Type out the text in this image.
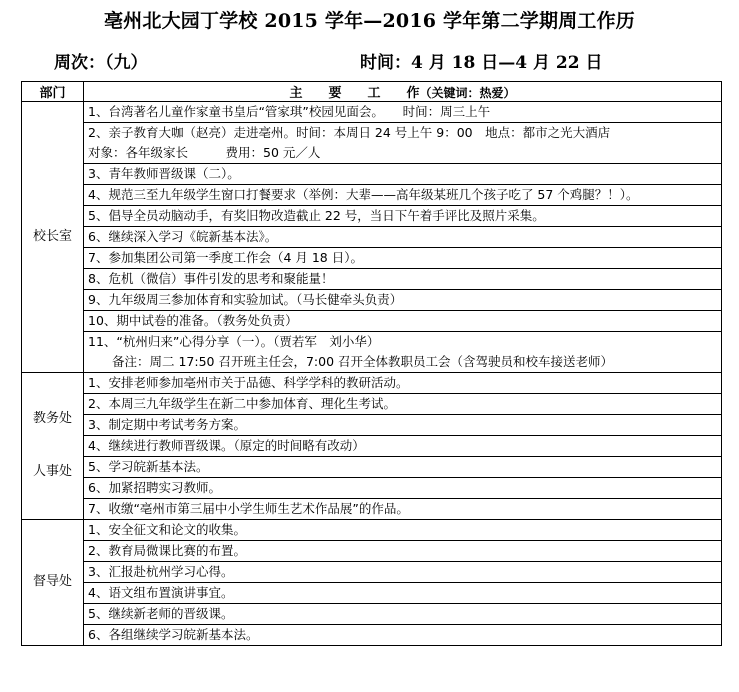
亳州北大园丁学校 2015 学年—2016 学年第二学期周工作历
周次：（九）	时间：4 月 18 日—4 月 22 日
部门	主　　要　　工　　作（关键词：热爱）

校长室	1、台湾著名儿童作家童书皇后“管家琪”校园见面会。　　时间：周三上午

	2、亲子教育大咖（赵亮）走进亳州。时间：本周日 24 号上午 9：00　地点：都市之光大酒店
对象：各年级家长　　　费用：50 元／人

	3、青年教师晋级课（二）。

	4、规范三至九年级学生窗口打餐要求（举例：大辈——高年级某班几个孩子吃了 57 个鸡腿？！）。

	5、倡导全员动脑动手，有奖旧物改造截止 22 号，当日下午着手评比及照片采集。

	6、继续深入学习《皖新基本法》。

	7、参加集团公司第一季度工作会（4 月 18 日）。

	8、危机（微信）事件引发的思考和聚能量！

	9、九年级周三参加体育和实验加试。（马长健牵头负责）

	10、期中试卷的准备。（教务处负责）

	11、“杭州归来”心得分享（一）。（贾若军　刘小华）
备注：周二 17:50 召开班主任会，7:00 召开全体教职员工会（含驾驶员和校车接送老师）

教务处
人事处	1、安排老师参加亳州市关于品德、科学学科的教研活动。

	2、本周三九年级学生在新二中参加体育、理化生考试。

	3、制定期中考试考务方案。

	4、继续进行教师晋级课。（原定的时间略有改动）

	5、学习皖新基本法。

	6、加紧招聘实习教师。

	7、收缴“亳州市第三届中小学生师生艺术作品展”的作品。

督导处	1、安全征文和论文的收集。

	2、教育局微课比赛的布置。

	3、汇报赴杭州学习心得。

	4、语文组布置演讲事宜。

	5、继续新老师的晋级课。

	6、各组继续学习皖新基本法。
